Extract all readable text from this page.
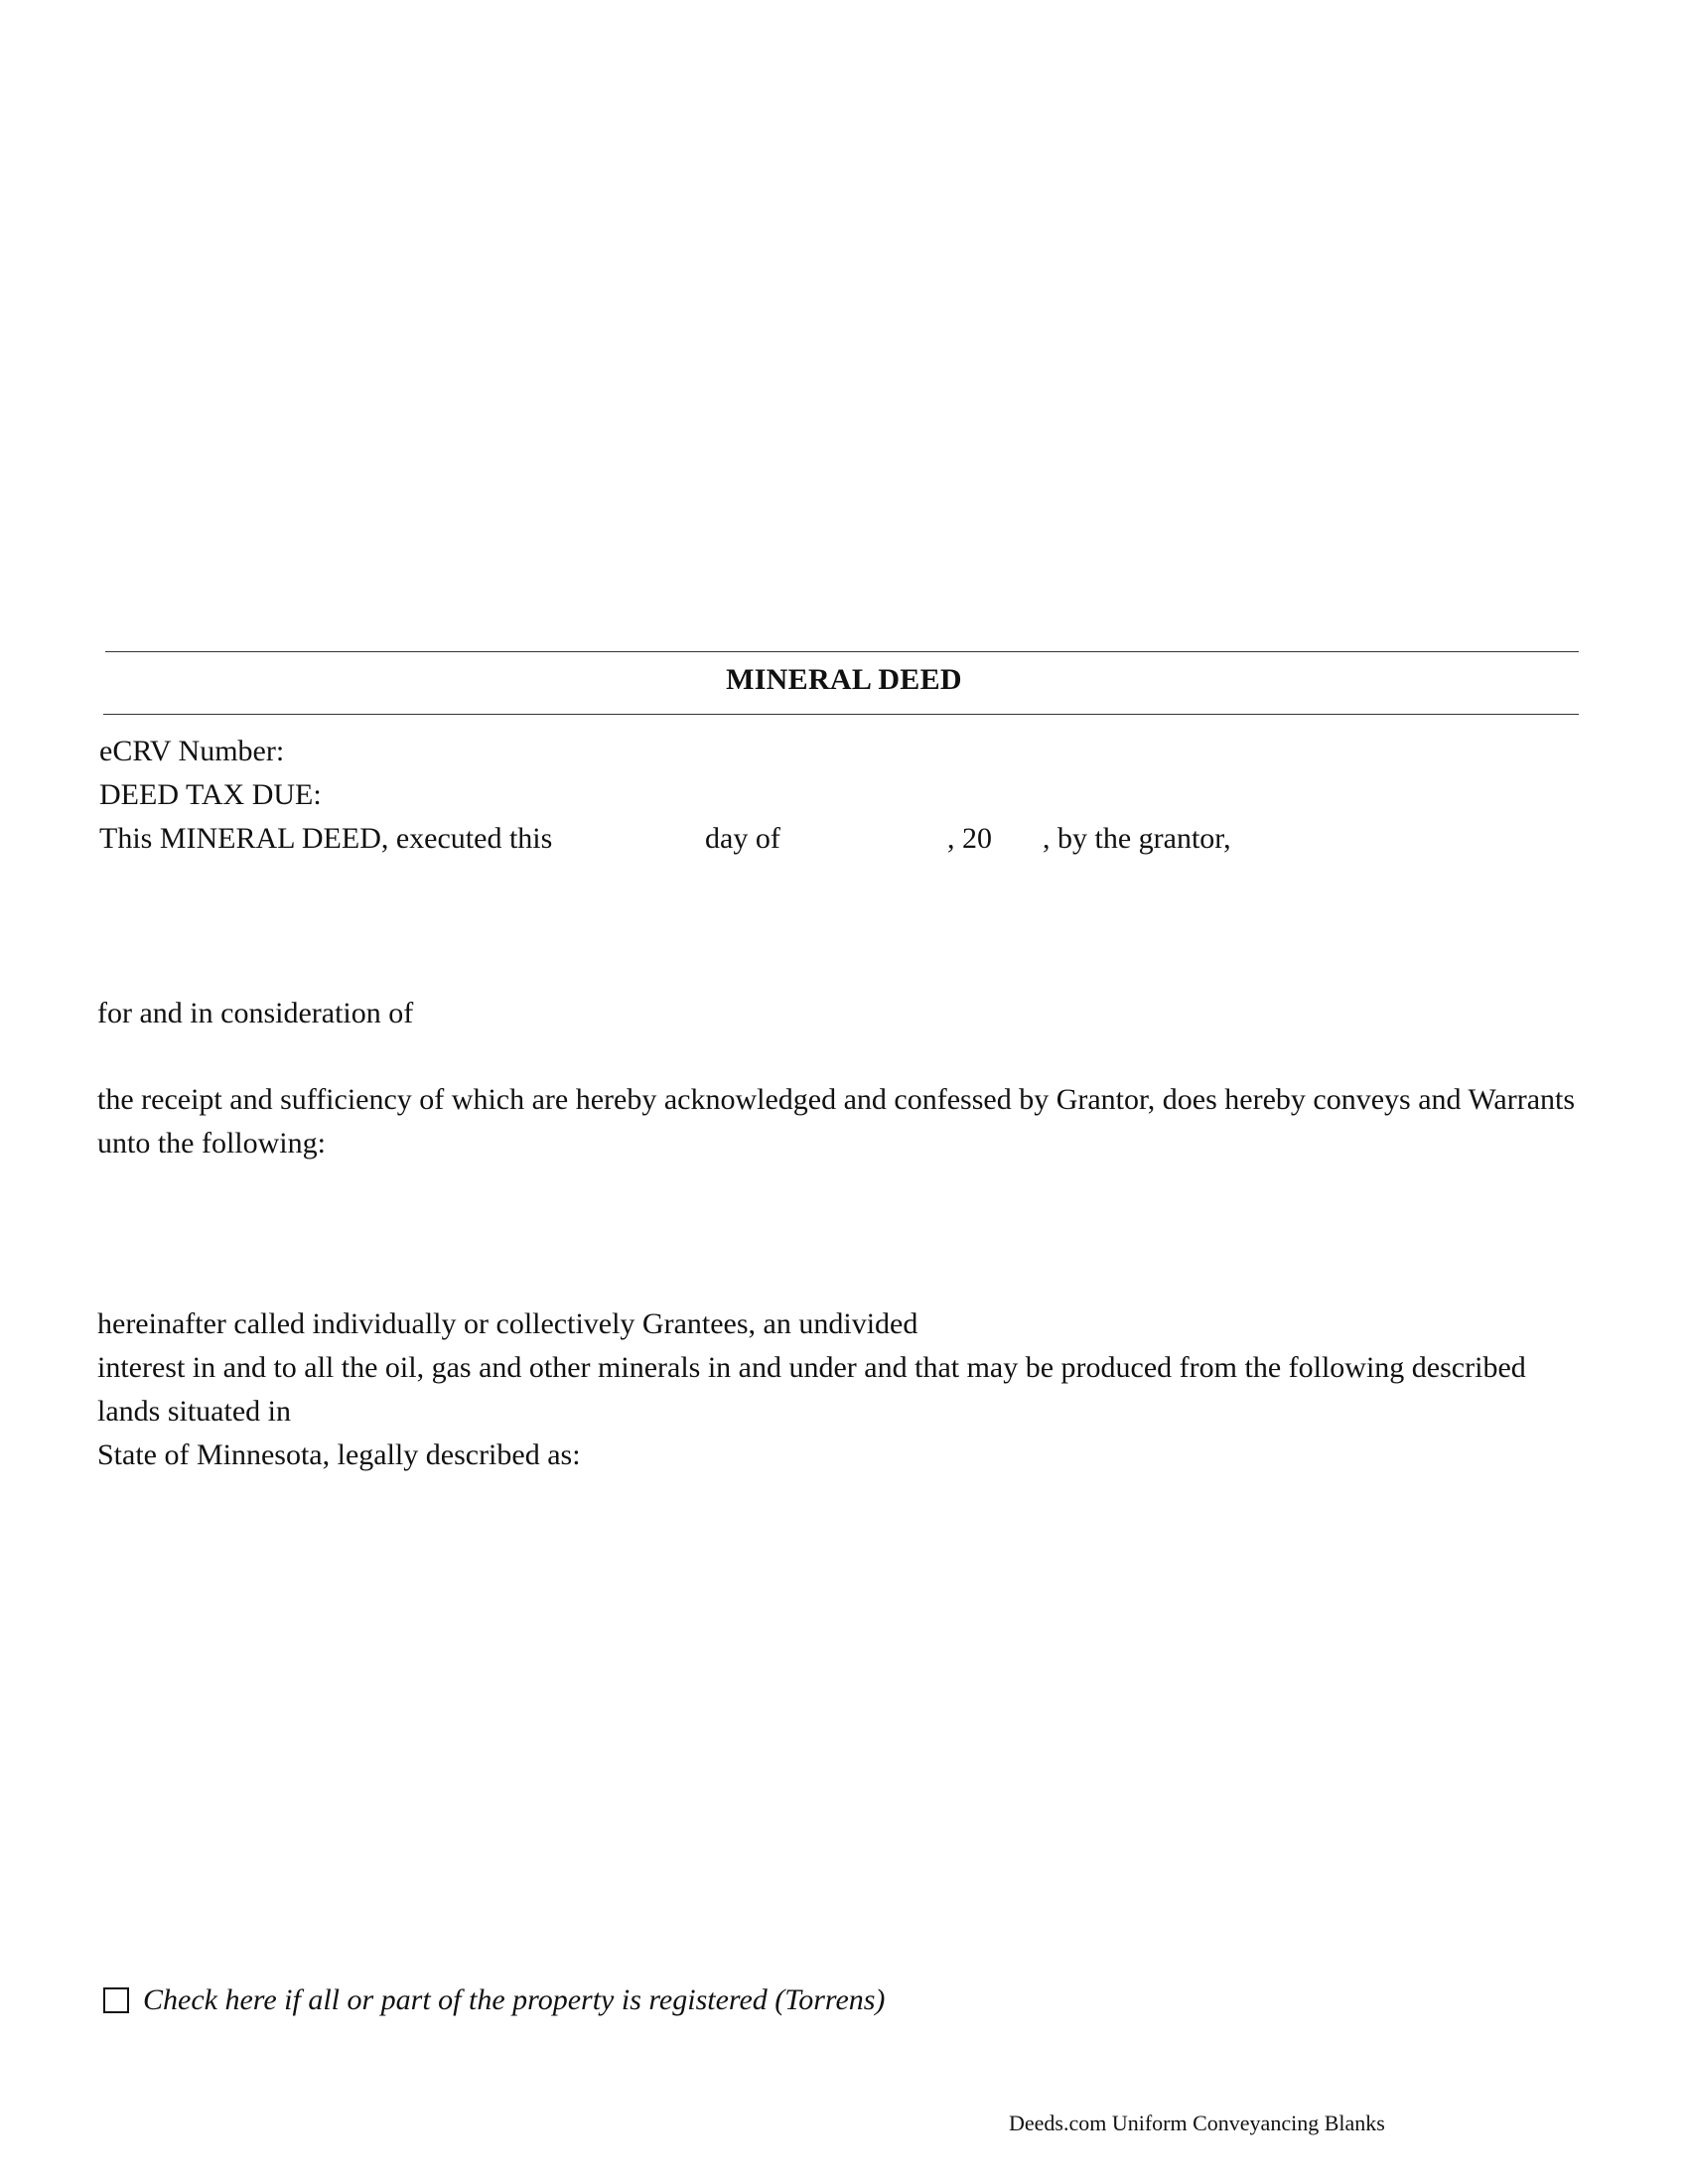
MINERAL DEED
eCRV Number:
DEED TAX DUE:
This MINERAL DEED, executed this	day of	, 20 , by the grantor,
for and in consideration of

the receipt and sufficiency of which are hereby acknowledged and confessed by Grantor, does hereby conveys and Warrants unto the following:

hereinafter called individually or collectively Grantees, an undivided

interest in and to all the oil, gas and other minerals in and under and that may be produced from the following described lands situated in

State of Minnesota, legally described as:

Check here if all or part of the property is registered (Torrens)
Deeds.com Uniform Conveyancing Blanks
